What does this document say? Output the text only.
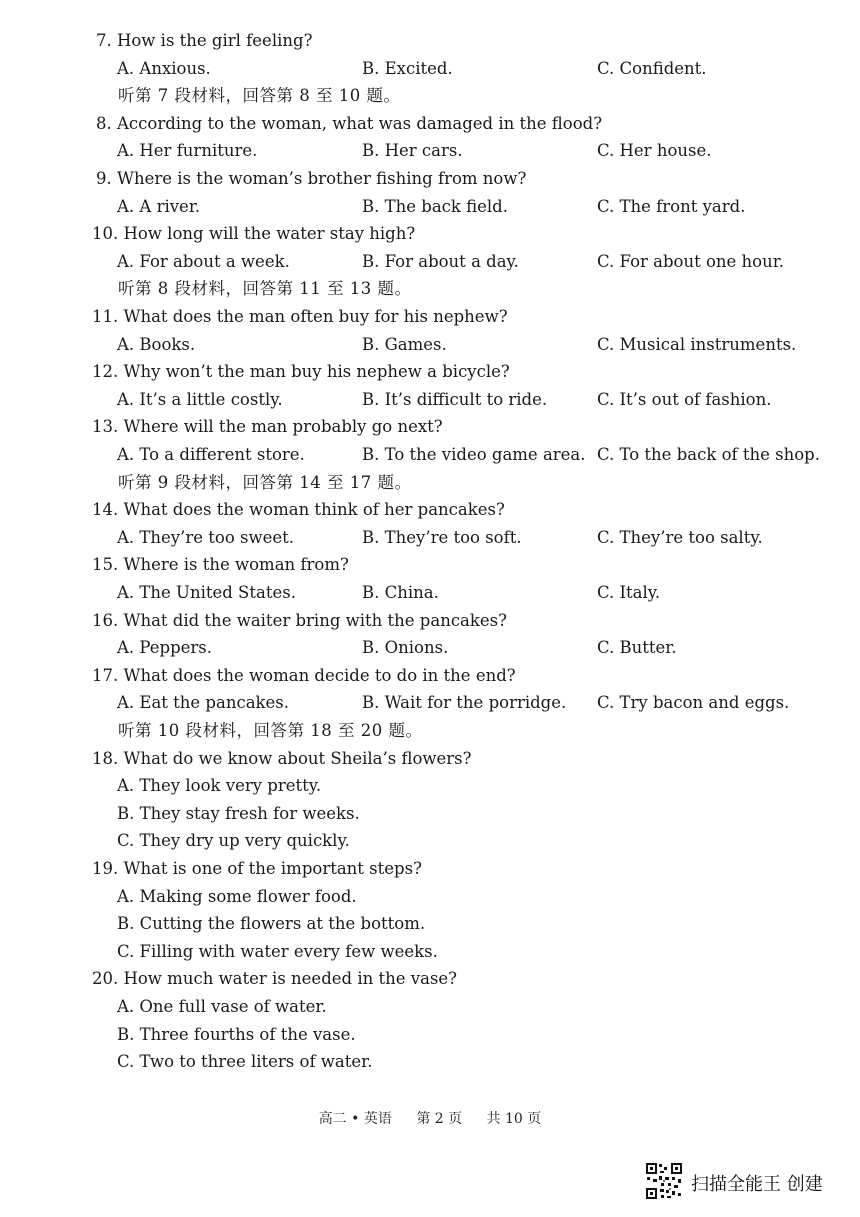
7. How is the girl feeling?
A. Anxious.	B. Excited.	C. Confident.
听第 7 段材料，回答第 8 至 10 题。
8. According to the woman, what was damaged in the flood?
A. Her furniture.	B. Her cars.	C. Her house.
9. Where is the woman’s brother fishing from now?
A. A river.	B. The back field.	C. The front yard.
10. How long will the water stay high?
A. For about a week.	B. For about a day.	C. For about one hour.
听第 8 段材料，回答第 11 至 13 题。
11. What does the man often buy for his nephew?
A. Books.	B. Games.	C. Musical instruments.
12. Why won’t the man buy his nephew a bicycle?
A. It’s a little costly.	B. It’s difficult to ride.	C. It’s out of fashion.
13. Where will the man probably go next?
A. To a different store.	B. To the video game area. C. To the back of the shop.
听第 9 段材料，回答第 14 至 17 题。
14. What does the woman think of her pancakes?
A. They’re too sweet.	B. They’re too soft.	C. They’re too salty.
15. Where is the woman from?
A. The United States.	B. China.	C. Italy.
16. What did the waiter bring with the pancakes?
A. Peppers.	B. Onions.	C. Butter.
17. What does the woman decide to do in the end?
A. Eat the pancakes.	B. Wait for the porridge. C. Try bacon and eggs.
听第 10 段材料，回答第 18 至 20 题。
18. What do we know about Sheila’s flowers?
A. They look very pretty.
B. They stay fresh for weeks.
C. They dry up very quickly.
19. What is one of the important steps?
A. Making some flower food.
B. Cutting the flowers at the bottom.
C. Filling with water every few weeks.
20. How much water is needed in the vase?
A. One full vase of water.
B. Three fourths of the vase.
C. Two to three liters of water.
高二 • 英语 第 2 页 共 10 页
扫描全能王 创建
